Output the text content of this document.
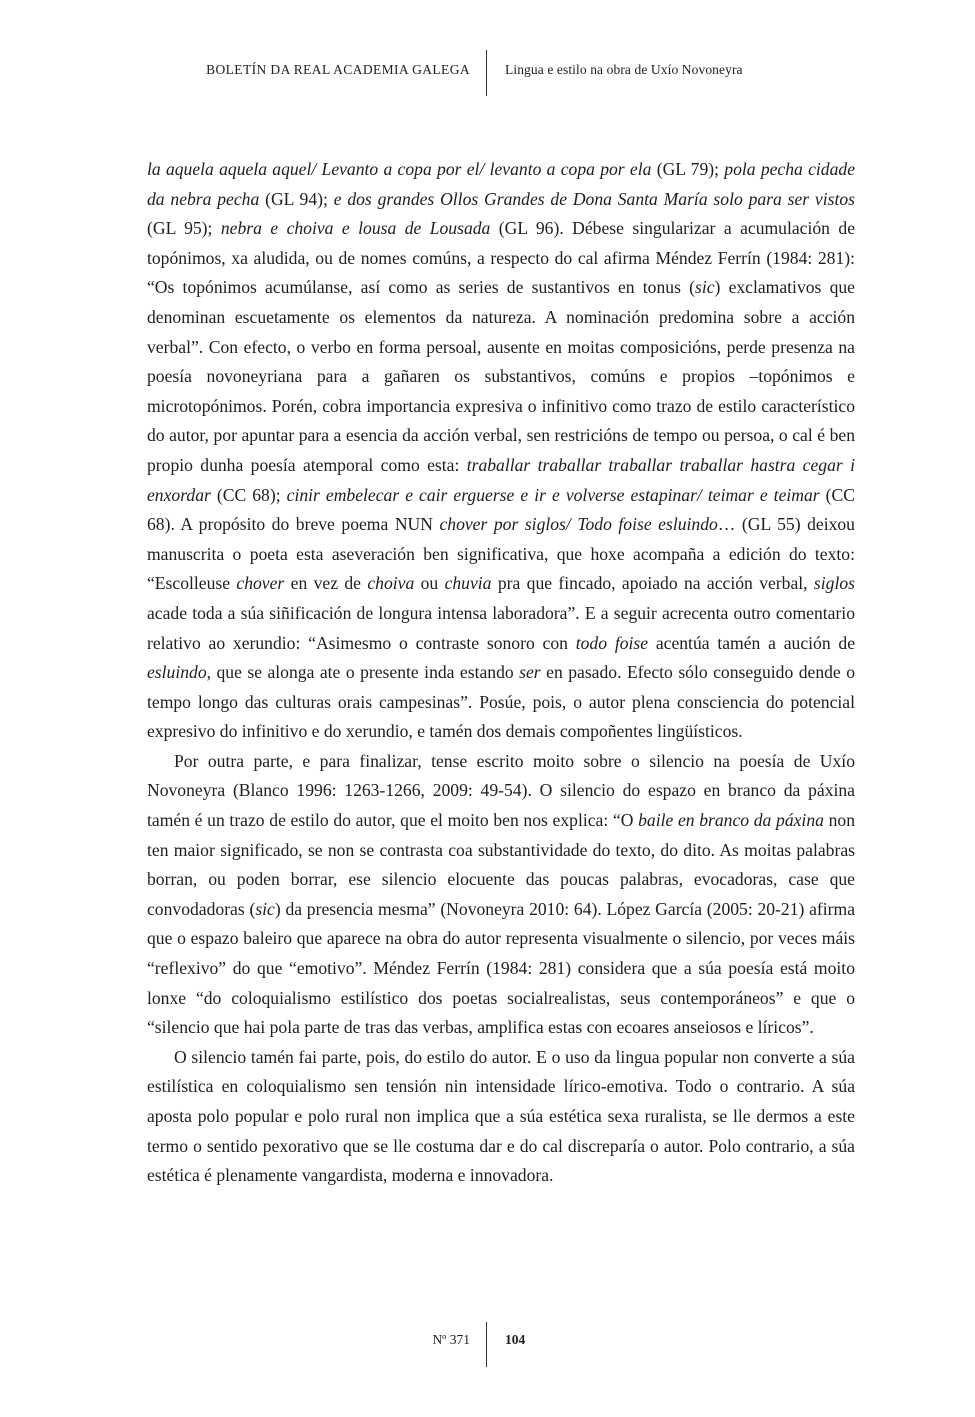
BOLETÍN DA REAL ACADEMIA GALEGA	Lingua e estilo na obra de Uxío Novoneyra

la aquela aquela aquel/ Levanto a copa por el/ levanto a copa por ela (GL 79); pola pecha cidade da nebra pecha (GL 94); e dos grandes Ollos Grandes de Dona Santa María solo para ser vistos (GL 95); nebra e choiva e lousa de Lousada (GL 96). Débese singularizar a acumulación de topónimos, xa aludida, ou de nomes comúns, a respecto do cal afirma Méndez Ferrín (1984: 281): “Os topónimos acumúlanse, así como as series de sustantivos en tonus (sic) exclamativos que denominan escuetamente os elementos da natureza. A nominación predomina sobre a acción verbal”. Con efecto, o verbo en forma persoal, ausente en moitas composicións, perde presenza na poesía novoneyriana para a gañaren os substantivos, comúns e propios –topónimos e microtopónimos. Porén, cobra importancia expresiva o infinitivo como trazo de estilo característico do autor, por apuntar para a esencia da acción verbal, sen restricións de tempo ou persoa, o cal é ben propio dunha poesía atemporal como esta: traballar traballar traballar traballar hastra cegar i enxordar (CC 68); cinir embelecar e cair erguerse e ir e volverse estapinar/ teimar e teimar (CC 68). A propósito do breve poema NUN chover por siglos/ Todo foise esluindo… (GL 55) deixou manuscrita o poeta esta aseveración ben significativa, que hoxe acompaña a edición do texto: “Escolleuse chover en vez de choiva ou chuvia pra que fincado, apoiado na acción verbal, siglos acade toda a súa siñificación de longura intensa laboradora”. E a seguir acrecenta outro comentario relativo ao xerundio: “Asimesmo o contraste sonoro con todo foise acentúa tamén a aución de esluindo, que se alonga ate o presente inda estando ser en pasado. Efecto sólo conseguido dende o tempo longo das culturas orais campesinas”. Posúe, pois, o autor plena consciencia do potencial expresivo do infinitivo e do xerundio, e tamén dos demais compoñentes lingüísticos.

Por outra parte, e para finalizar, tense escrito moito sobre o silencio na poesía de Uxío Novoneyra (Blanco 1996: 1263-1266, 2009: 49-54). O silencio do espazo en branco da páxina tamén é un trazo de estilo do autor, que el moito ben nos explica: “O baile en branco da páxina non ten maior significado, se non se contrasta coa substantividade do texto, do dito. As moitas palabras borran, ou poden borrar, ese silencio elocuente das poucas palabras, evocadoras, case que convodadoras (sic) da presencia mesma” (Novoneyra 2010: 64). López García (2005: 20-21) afirma que o espazo baleiro que aparece na obra do autor representa visualmente o silencio, por veces máis “reflexivo” do que “emotivo”. Méndez Ferrín (1984: 281) considera que a súa poesía está moito lonxe “do coloquialismo estilístico dos poetas socialrealistas, seus contemporáneos” e que o “silencio que hai pola parte de tras das verbas, amplifica estas con ecoares anseiosos e líricos”.

O silencio tamén fai parte, pois, do estilo do autor. E o uso da lingua popular non converte a súa estilística en coloquialismo sen tensión nin intensidade lírico-emotiva. Todo o contrario. A súa aposta polo popular e polo rural non implica que a súa estética sexa ruralista, se lle dermos a este termo o sentido pexorativo que se lle costuma dar e do cal discreparía o autor. Polo contrario, a súa estética é plenamente vangardista, moderna e innovadora.

Nº 371	104
